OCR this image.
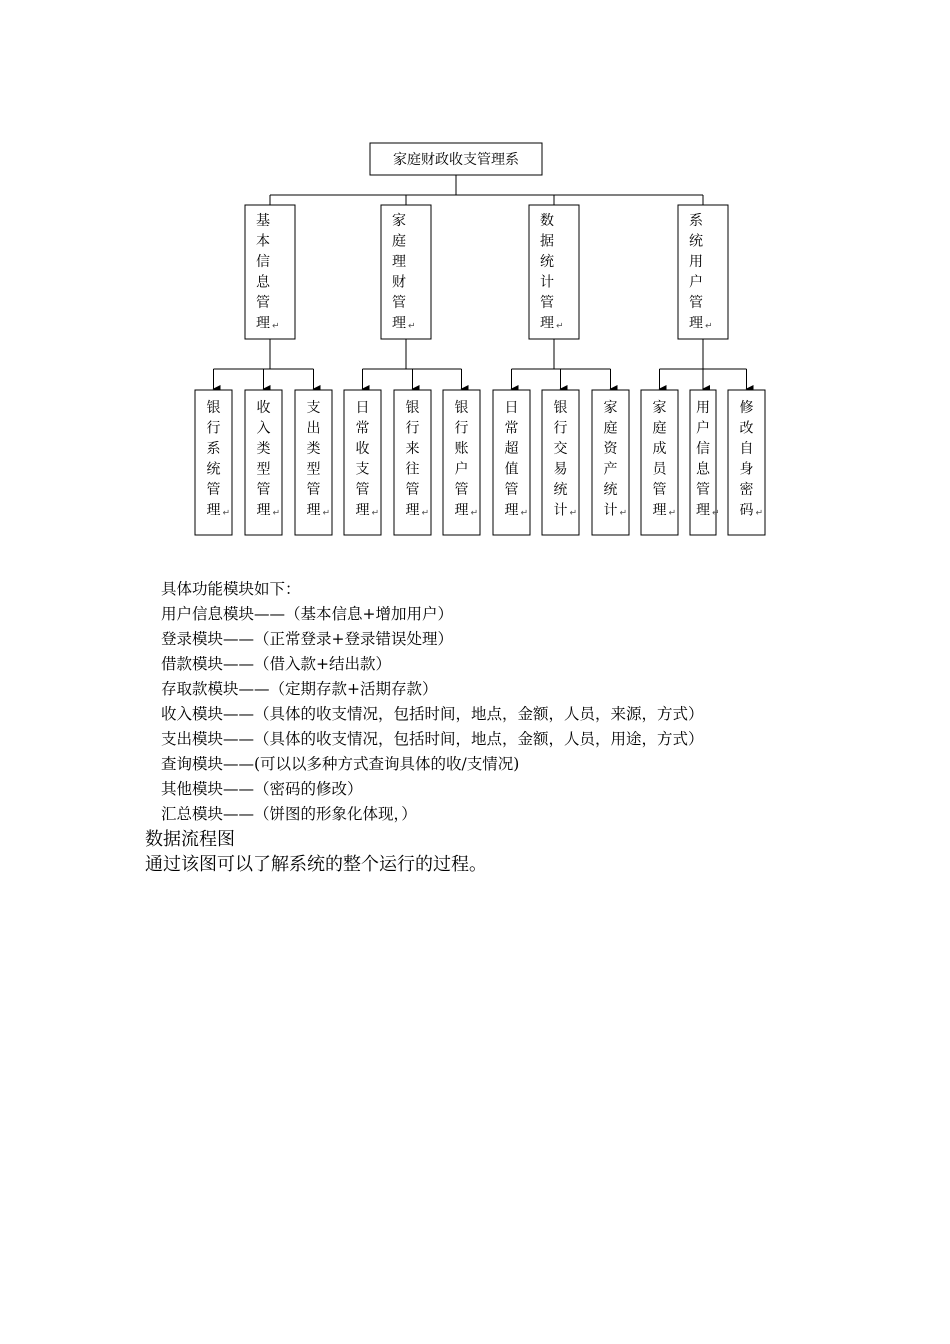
家庭财政收支管理系
基
本
信
息
管
理 ↵
银
行
系
统
管
理 ↵
收
入
类
型
管
理 ↵
支
出
类
型
管
理 ↵
家
庭
理
财
管
理 ↵
日
常
收
支
管
理 ↵
银
行
来
往
管
理 ↵
银
行
账
户
管
理 ↵
数
据
统
计
管
理 ↵
日
常
超
值
管
理 ↵
银
行
交
易
统
计 ↵
家
庭
资
产
统
计 ↵
系
统
用
户
管
理 ↵
家
庭
成
员
管
理 ↵
用
户
信
息
管
理 ↵
修
改
自
身
密
码 ↵
具体功能模块如下：
用户信息模块——（基本信息+增加用户）
登录模块——（正常登录+登录错误处理）
借款模块——（借入款+结出款）
存取款模块——（定期存款+活期存款）
收入模块——（具体的收支情况，包括时间，地点，金额，人员，来源，方式）
支出模块——（具体的收支情况，包括时间，地点，金额，人员，用途，方式）
查询模块——(可以以多种方式查询具体的收/支情况)
其他模块——（密码的修改）
汇总模块——（饼图的形象化体现，）
数据流程图
通过该图可以了解系统的整个运行的过程。
